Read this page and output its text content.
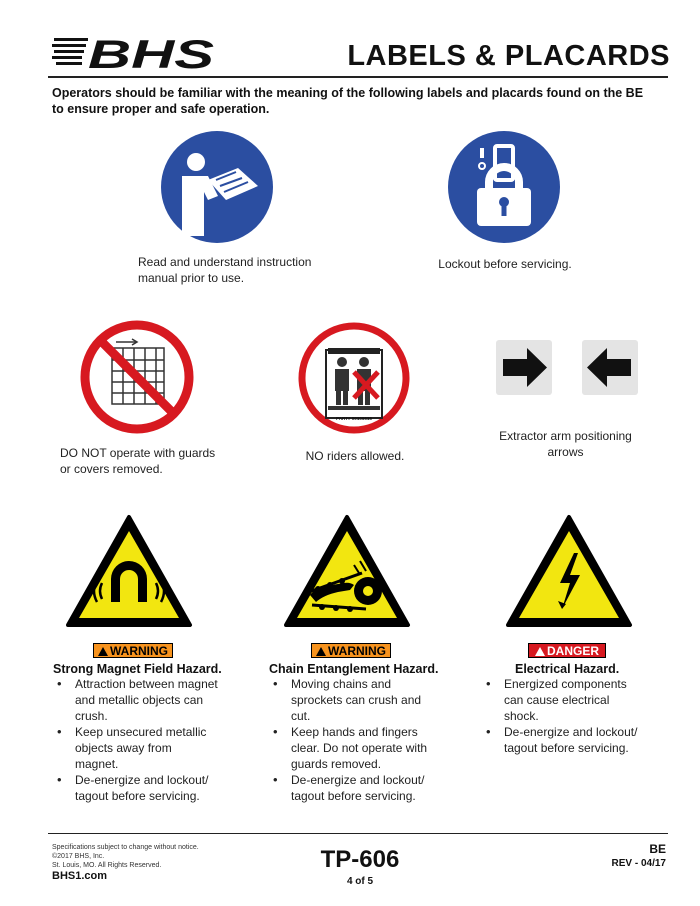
BHS	LABELS & PLACARDS
Operators should be familiar with the meaning of the following labels and placards found on the BE to ensure proper and safe operation.
Read and understand instruction manual prior to use.
Lockout before servicing.
DO NOT operate with guards or covers removed.
PART# 00106616
NO riders allowed.
Extractor arm positioning arrows
WARNING	WARNING	DANGER
Strong Magnet Field Hazard.
• Attraction between magnet and metallic objects can crush.
• Keep unsecured metallic objects away from magnet.
• De-energize and lockout/ tagout before servicing.
Chain Entanglement Hazard.
• Moving chains and sprockets can crush and cut.
• Keep hands and fingers clear. Do not operate with guards removed.
• De-energize and lockout/ tagout before servicing.
Electrical Hazard.
• Energized components can cause electrical shock.
• De-energize and lockout/ tagout before servicing.
Specifications subject to change without notice.
©2017 BHS, Inc.
St. Louis, MO. All Rights Reserved.
BHS1.com
TP-606
4 of 5
BE
REV - 04/17
